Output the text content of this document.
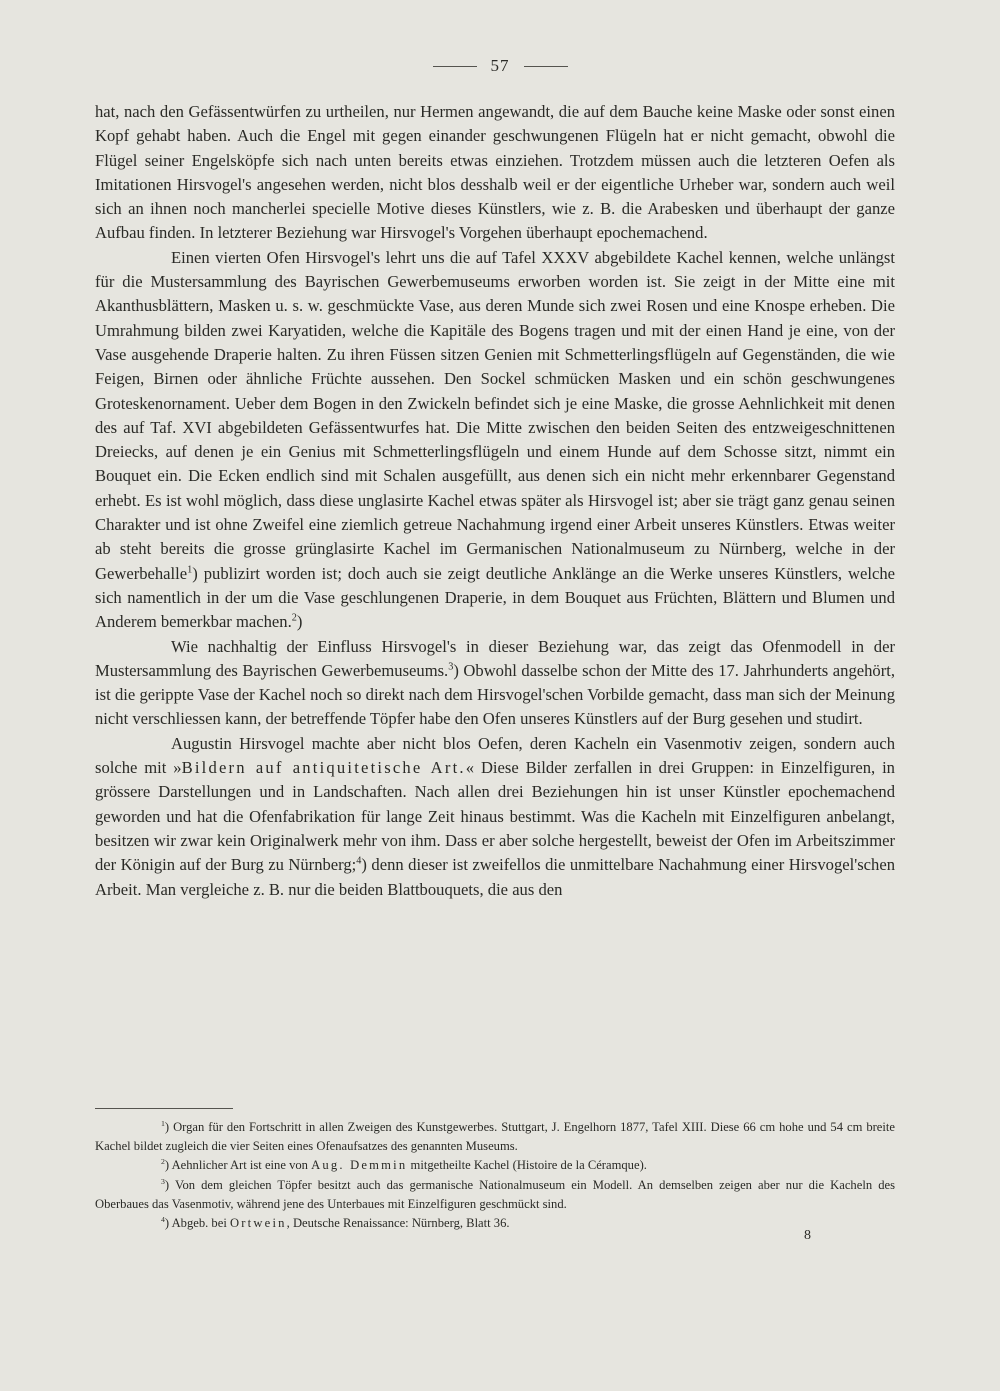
57

hat, nach den Gefässentwürfen zu urtheilen, nur Hermen angewandt, die auf dem Bauche keine Maske oder sonst einen Kopf gehabt haben. Auch die Engel mit gegen einander geschwungenen Flügeln hat er nicht gemacht, obwohl die Flügel seiner Engelsköpfe sich nach unten bereits etwas einziehen. Trotzdem müssen auch die letzteren Oefen als Imitationen Hirsvogel's angesehen werden, nicht blos desshalb weil er der eigentliche Urheber war, sondern auch weil sich an ihnen noch mancherlei specielle Motive dieses Künstlers, wie z. B. die Arabesken und überhaupt der ganze Aufbau finden. In letzterer Beziehung war Hirsvogel's Vorgehen überhaupt epochemachend.

Einen vierten Ofen Hirsvogel's lehrt uns die auf Tafel XXXV abgebildete Kachel kennen, welche unlängst für die Mustersammlung des Bayrischen Gewerbemuseums erworben worden ist. Sie zeigt in der Mitte eine mit Akanthusblättern, Masken u. s. w. geschmückte Vase, aus deren Munde sich zwei Rosen und eine Knospe erheben. Die Umrahmung bilden zwei Karyatiden, welche die Kapitäle des Bogens tragen und mit der einen Hand je eine, von der Vase ausgehende Draperie halten. Zu ihren Füssen sitzen Genien mit Schmetterlingsflügeln auf Gegenständen, die wie Feigen, Birnen oder ähnliche Früchte aussehen. Den Sockel schmücken Masken und ein schön geschwungenes Groteskenornament. Ueber dem Bogen in den Zwickeln befindet sich je eine Maske, die grosse Aehnlichkeit mit denen des auf Taf. XVI abgebildeten Gefässentwurfes hat. Die Mitte zwischen den beiden Seiten des entzweigeschnittenen Dreiecks, auf denen je ein Genius mit Schmetterlingsflügeln und einem Hunde auf dem Schosse sitzt, nimmt ein Bouquet ein. Die Ecken endlich sind mit Schalen ausgefüllt, aus denen sich ein nicht mehr erkennbarer Gegenstand erhebt. Es ist wohl möglich, dass diese unglasirte Kachel etwas später als Hirsvogel ist; aber sie trägt ganz genau seinen Charakter und ist ohne Zweifel eine ziemlich getreue Nachahmung irgend einer Arbeit unseres Künstlers. Etwas weiter ab steht bereits die grosse grünglasirte Kachel im Germanischen Nationalmuseum zu Nürnberg, welche in der Gewerbehalle$^1$) publizirt worden ist; doch auch sie zeigt deutliche Anklänge an die Werke unseres Künstlers, welche sich namentlich in der um die Vase geschlungenen Draperie, in dem Bouquet aus Früchten, Blättern und Blumen und Anderem bemerkbar machen.$^2$)

Wie nachhaltig der Einfluss Hirsvogel's in dieser Beziehung war, das zeigt das Ofenmodell in der Mustersammlung des Bayrischen Gewerbemuseums.$^3$) Obwohl dasselbe schon der Mitte des 17. Jahrhunderts angehört, ist die gerippte Vase der Kachel noch so direkt nach dem Hirsvogel'schen Vorbilde gemacht, dass man sich der Meinung nicht verschliessen kann, der betreffende Töpfer habe den Ofen unseres Künstlers auf der Burg gesehen und studirt.

Augustin Hirsvogel machte aber nicht blos Oefen, deren Kacheln ein Vasenmotiv zeigen, sondern auch solche mit »Bildern auf antiquitetische Art.« Diese Bilder zerfallen in drei Gruppen: in Einzelfiguren, in grössere Darstellungen und in Landschaften. Nach allen drei Beziehungen hin ist unser Künstler epochemachend geworden und hat die Ofenfabrikation für lange Zeit hinaus bestimmt. Was die Kacheln mit Einzelfiguren anbelangt, besitzen wir zwar kein Originalwerk mehr von ihm. Dass er aber solche hergestellt, beweist der Ofen im Arbeitszimmer der Königin auf der Burg zu Nürnberg;$^4$) denn dieser ist zweifellos die unmittelbare Nachahmung einer Hirsvogel'schen Arbeit. Man vergleiche z. B. nur die beiden Blattbouquets, die aus den

$^1$) Organ für den Fortschritt in allen Zweigen des Kunstgewerbes. Stuttgart, J. Engelhorn 1877, Tafel XIII. Diese 66 cm hohe und 54 cm breite Kachel bildet zugleich die vier Seiten eines Ofenaufsatzes des genannten Museums.

$^2$) Aehnlicher Art ist eine von Aug. Demmin mitgetheilte Kachel (Histoire de la Céramque).

$^3$) Von dem gleichen Töpfer besitzt auch das germanische Nationalmuseum ein Modell. An demselben zeigen aber nur die Kacheln des Oberbaues das Vasenmotiv, während jene des Unterbaues mit Einzelfiguren geschmückt sind.

$^4$) Abgeb. bei Ortwein, Deutsche Renaissance: Nürnberg, Blatt 36.

8
